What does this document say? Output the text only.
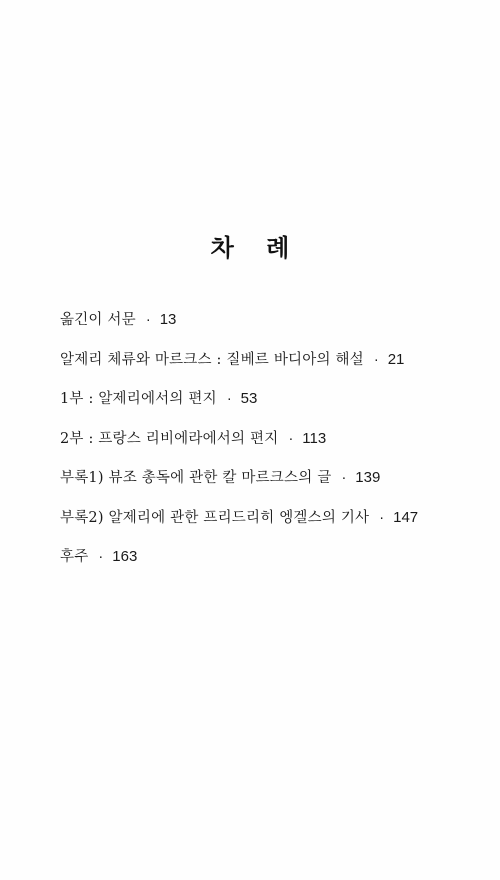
차 례
옮긴이 서문 · 13
알제리 체류와 마르크스 : 질베르 바디아의 해설 · 21
1부 : 알제리에서의 편지 · 53
2부 : 프랑스 리비에라에서의 편지 · 113
부록1) 뷰조 총독에 관한 칼 마르크스의 글 · 139
부록2) 알제리에 관한 프리드리히 엥겔스의 기사 · 147
후주 · 163
